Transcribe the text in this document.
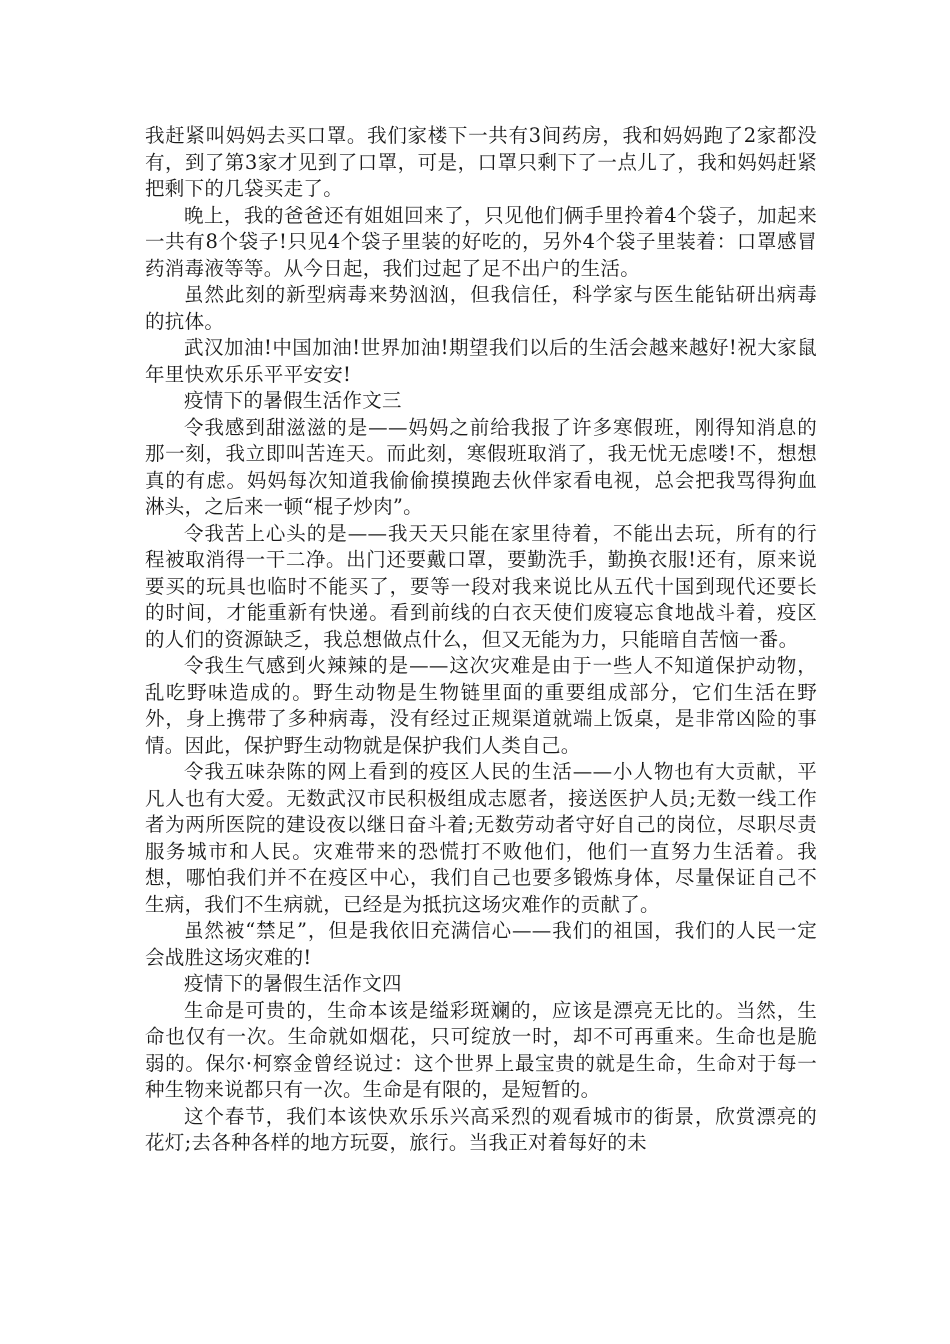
我赶紧叫妈妈去买口罩。我们家楼下一共有3间药房，我和妈妈跑了2家都没有，到了第3家才见到了口罩，可是，口罩只剩下了一点儿了，我和妈妈赶紧把剩下的几袋买走了。

晚上，我的爸爸还有姐姐回来了，只见他们俩手里拎着4个袋子，加起来一共有8个袋子!只见4个袋子里装的好吃的，另外4个袋子里装着：口罩感冒药消毒液等等。从今日起，我们过起了足不出户的生活。

虽然此刻的新型病毒来势汹汹，但我信任，科学家与医生能钻研出病毒的抗体。

武汉加油!中国加油!世界加油!期望我们以后的生活会越来越好!祝大家鼠年里快欢乐乐平平安安!

疫情下的暑假生活作文三

令我感到甜滋滋的是——妈妈之前给我报了许多寒假班，刚得知消息的那一刻，我立即叫苦连天。而此刻，寒假班取消了，我无忧无虑喽!不，想想真的有虑。妈妈每次知道我偷偷摸摸跑去伙伴家看电视，总会把我骂得狗血淋头，之后来一顿“棍子炒肉”。

令我苦上心头的是——我天天只能在家里待着，不能出去玩，所有的行程被取消得一干二净。出门还要戴口罩，要勤洗手，勤换衣服!还有，原来说要买的玩具也临时不能买了，要等一段对我来说比从五代十国到现代还要长的时间，才能重新有快递。看到前线的白衣天使们废寝忘食地战斗着，疫区的人们的资源缺乏，我总想做点什么，但又无能为力，只能暗自苦恼一番。

令我生气感到火辣辣的是——这次灾难是由于一些人不知道保护动物，乱吃野味造成的。野生动物是生物链里面的重要组成部分，它们生活在野外，身上携带了多种病毒，没有经过正规渠道就端上饭桌，是非常凶险的事情。因此，保护野生动物就是保护我们人类自己。

令我五味杂陈的网上看到的疫区人民的生活——小人物也有大贡献，平凡人也有大爱。无数武汉市民积极组成志愿者，接送医护人员;无数一线工作者为两所医院的建设夜以继日奋斗着;无数劳动者守好自己的岗位，尽职尽责服务城市和人民。灾难带来的恐慌打不败他们，他们一直努力生活着。我想，哪怕我们并不在疫区中心，我们自己也要多锻炼身体，尽量保证自己不生病，我们不生病就，已经是为抵抗这场灾难作的贡献了。

虽然被“禁足”，但是我依旧充满信心——我们的祖国，我们的人民一定会战胜这场灾难的!

疫情下的暑假生活作文四

生命是可贵的，生命本该是缢彩斑斓的，应该是漂亮无比的。当然，生命也仅有一次。生命就如烟花，只可绽放一时，却不可再重来。生命也是脆弱的。保尔·柯察金曾经说过：这个世界上最宝贵的就是生命，生命对于每一种生物来说都只有一次。生命是有限的，是短暂的。

这个春节，我们本该快欢乐乐兴高采烈的观看城市的街景，欣赏漂亮的花灯;去各种各样的地方玩耍，旅行。当我正对着每好的未
